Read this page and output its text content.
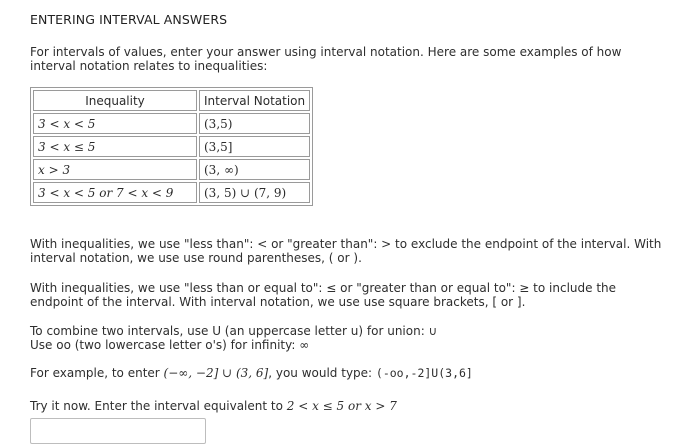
ENTERING INTERVAL ANSWERS
For intervals of values, enter your answer using interval notation. Here are some examples of how interval notation relates to inequalities:
Inequality	Interval Notation
3 < x < 5	(3,5)
3 < x ≤ 5	(3,5]
x > 3	(3, ∞)
3 < x < 5 or 7 < x < 9	(3, 5) ∪ (7, 9)
With inequalities, we use "less than": < or "greater than": > to exclude the endpoint of the interval. With interval notation, we use use round parentheses, ( or ).
With inequalities, we use "less than or equal to": ≤ or "greater than or equal to": ≥ to include the endpoint of the interval. With interval notation, we use use square brackets, [ or ].
To combine two intervals, use U (an uppercase letter u) for union: ∪
Use oo (two lowercase letter o's) for infinity: ∞
For example, to enter (−∞, −2] ∪ (3, 6], you would type: (-oo,-2]U(3,6]
Try it now. Enter the interval equivalent to 2 < x ≤ 5 or x > 7
